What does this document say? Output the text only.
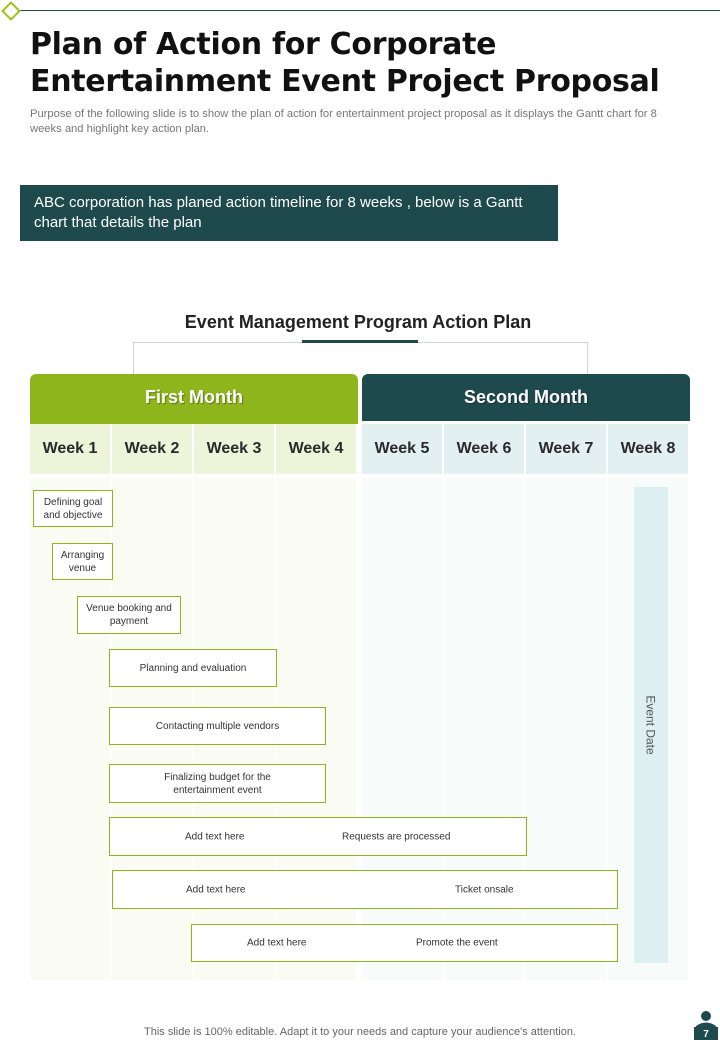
Plan of Action for Corporate Entertainment Event Project Proposal
Purpose of the following slide is to show the plan of action for entertainment project proposal as it displays the Gantt chart for 8 weeks and highlight key action plan.
ABC corporation has planed action timeline for 8 weeks , below is a Gantt chart that details the plan
Event Management Program Action Plan
First Month	Second Month
Week 1	Week 2	Week 3	Week 4	Week 5	Week 6	Week 7	Week 8
Event Date
Defining goal and objective
Arranging venue
Venue booking and payment
Planning and evaluation
Contacting multiple vendors
Finalizing budget for the entertainment event
Add text here	Requests are processed
Add text here	Ticket onsale
Add text here	Promote the event
This slide is 100% editable. Adapt it to your needs and capture your audience's attention.	7
